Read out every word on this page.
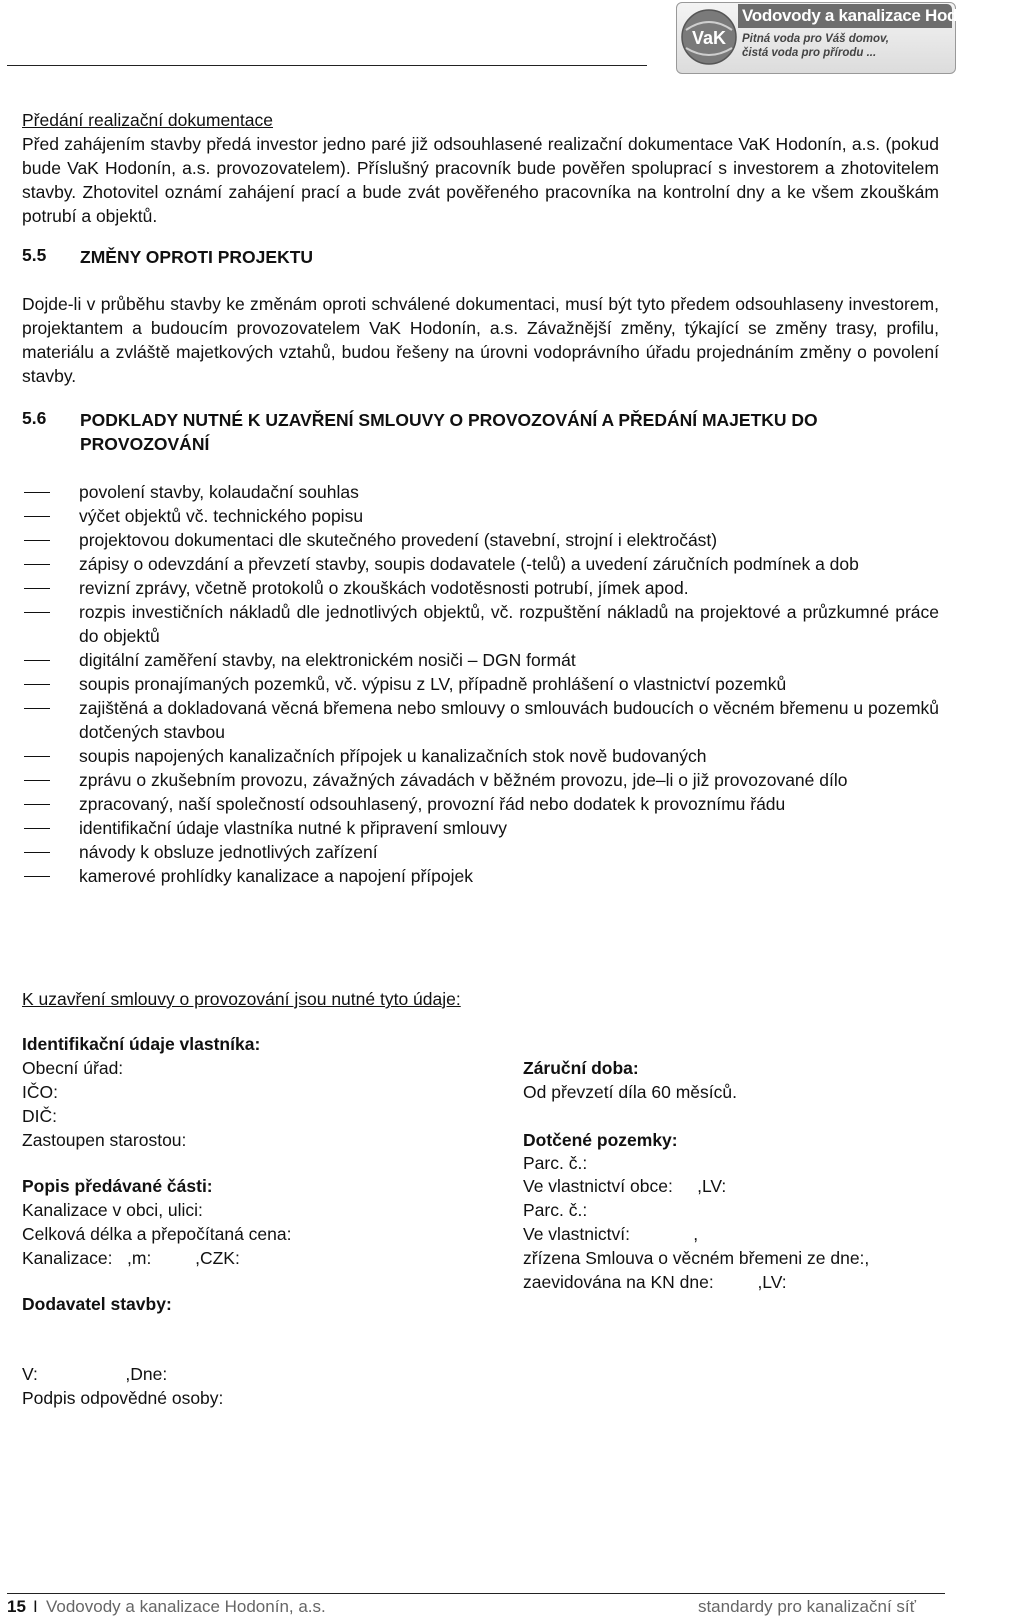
VaK
Vodovody a kanalizace Hodonín, a.s.
Pitná voda pro Váš domov,
čistá voda pro přírodu ...
Předání realizační dokumentace
Před zahájením stavby předá investor jedno paré již odsouhlasené realizační dokumentace VaK Hodonín, a.s. (pokud bude VaK Hodonín, a.s. provozovatelem). Příslušný pracovník bude pověřen spoluprací s investorem a zhotovitelem stavby. Zhotovitel oznámí zahájení prací a bude zvát pověřeného pracovníka na kontrolní dny a ke všem zkouškám potrubí a objektů.
5.5 ZMĚNY OPROTI PROJEKTU
Dojde-li v průběhu stavby ke změnám oproti schválené dokumentaci, musí být tyto předem odsouhlaseny investorem, projektantem a budoucím provozovatelem VaK Hodonín, a.s. Závažnější změny, týkající se změny trasy, profilu, materiálu a zvláště majetkových vztahů, budou řešeny na úrovni vodoprávního úřadu projednáním změny o povolení stavby.
5.6 PODKLADY NUTNÉ K UZAVŘENÍ SMLOUVY O PROVOZOVÁNÍ A PŘEDÁNÍ MAJETKU DO PROVOZOVÁNÍ
povolení stavby, kolaudační souhlas
výčet objektů vč. technického popisu
projektovou dokumentaci dle skutečného provedení (stavební, strojní i elektročást)
zápisy o odevzdání a převzetí stavby, soupis dodavatele (-telů) a uvedení záručních podmínek a dob
revizní zprávy, včetně protokolů o zkouškách vodotěsnosti potrubí, jímek apod.
rozpis investičních nákladů dle jednotlivých objektů, vč. rozpuštění nákladů na projektové a průzkumné práce do objektů
digitální zaměření stavby, na elektronickém nosiči – DGN formát
soupis pronajímaných pozemků, vč. výpisu z LV, případně prohlášení o vlastnictví pozemků
zajištěná a dokladovaná věcná břemena nebo smlouvy o smlouvách budoucích o věcném břemenu u pozemků dotčených stavbou
soupis napojených kanalizačních přípojek u kanalizačních stok nově budovaných
zprávu o zkušebním provozu, závažných závadách v běžném provozu, jde–li o již provozované dílo
zpracovaný, naší společností odsouhlasený, provozní řád nebo dodatek k provoznímu řádu
identifikační údaje vlastníka nutné k připravení smlouvy
návody k obsluze jednotlivých zařízení
kamerové prohlídky kanalizace a napojení přípojek
K uzavření smlouvy o provozování jsou nutné tyto údaje:
Identifikační údaje vlastníka:
Obecní úřad:
IČO:
DIČ:
Zastoupen starostou:
Popis předávané části:
Kanalizace v obci, ulici:
Celková délka a přepočítaná cena:
Kanalizace:   ,m:         ,CZK:
Dodavatel stavby:
V:                  ,Dne:
Podpis odpovědné osoby:
Záruční doba:
Od převzetí díla 60 měsíců.
Dotčené pozemky:
Parc. č.:
Ve vlastnictví obce:     ,LV:
Parc. č.:
Ve vlastnictví:             ,
zřízena Smlouva o věcném břemeni ze dne:,
zaevidována na KN dne:         ,LV:
15 I Vodovody a kanalizace Hodonín, a.s.	standardy pro kanalizační síť
